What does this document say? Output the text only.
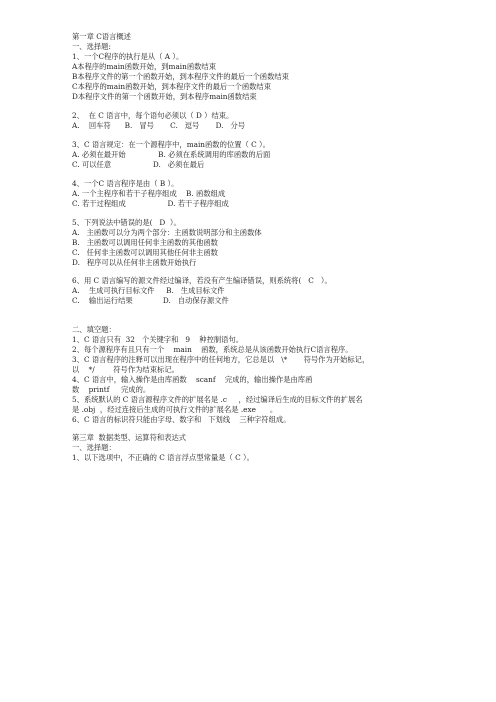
第一章 C语言概述
一、选择题:
1、一个C程序的执行是从（ A ）。
A本程序的main函数开始，到main函数结束
B本程序文件的第一个函数开始，到本程序文件的最后一个函数结束
C本程序的main函数开始，到本程序文件的最后一个函数结束
D本程序文件的第一个函数开始，到本程序main函数结束
2、  在 C 语言中，每个语句必须以（ D ）结束。
A.    回车符      B.   冒号       C.   逗号       D.   分号
3、C 语言规定：在一个源程序中，main函数的位置（ C ）。
A. 必须在最开始              B. 必须在系统调用的库函数的后面
C. 可以任意                  D.   必须在最后
4、一个C 语言程序是由（ B ）。
A. 一个主程序和若干子程序组成    B. 函数组成
C. 若干过程组成                  D. 若干子程序组成
5、下列说法中错误的是(   D  ）。
A.   主函数可以分为两个部分：主函数说明部分和主函数体
B.   主函数可以调用任何非主函数的其他函数
C.   任何非主函数可以调用其他任何非主函数
D.   程序可以从任何非主函数开始执行
6、用 C 语言编写的源文件经过编译，若没有产生编译错误，则系统将(   C   ）。
A.    生成可执行目标文件     B.   生成目标文件
C.    输出运行结果             D.   自动保存源文件
二、填空题：
1、C 语言只有  32   个关键字和   9    种控制语句。
2、每个源程序有且只有一个    main    函数，系统总是从该函数开始执行C语言程序。
3、C 语言程序的注释可以出现在程序中的任何地方，它总是以   \*       符号作为开始标记，
以    */        符号作为结束标记。
4、C 语言中，输入操作是由库函数    scanf    完成的，输出操作是由库函
数    printf     完成的。
5、系统默认的 C 语言源程序文件的扩展名是 .c     ，经过编译后生成的目标文件的扩展名
是 .obj  ，经过连接后生成的可执行文件的扩展名是 .exe      。
6、C 语言的标识符只能由字母、数字和   下划线    三种字符组成。
第三章  数据类型、运算符和表达式
一、选择题：
1、以下选项中，不正确的 C 语言浮点型常量是（ C ）。
